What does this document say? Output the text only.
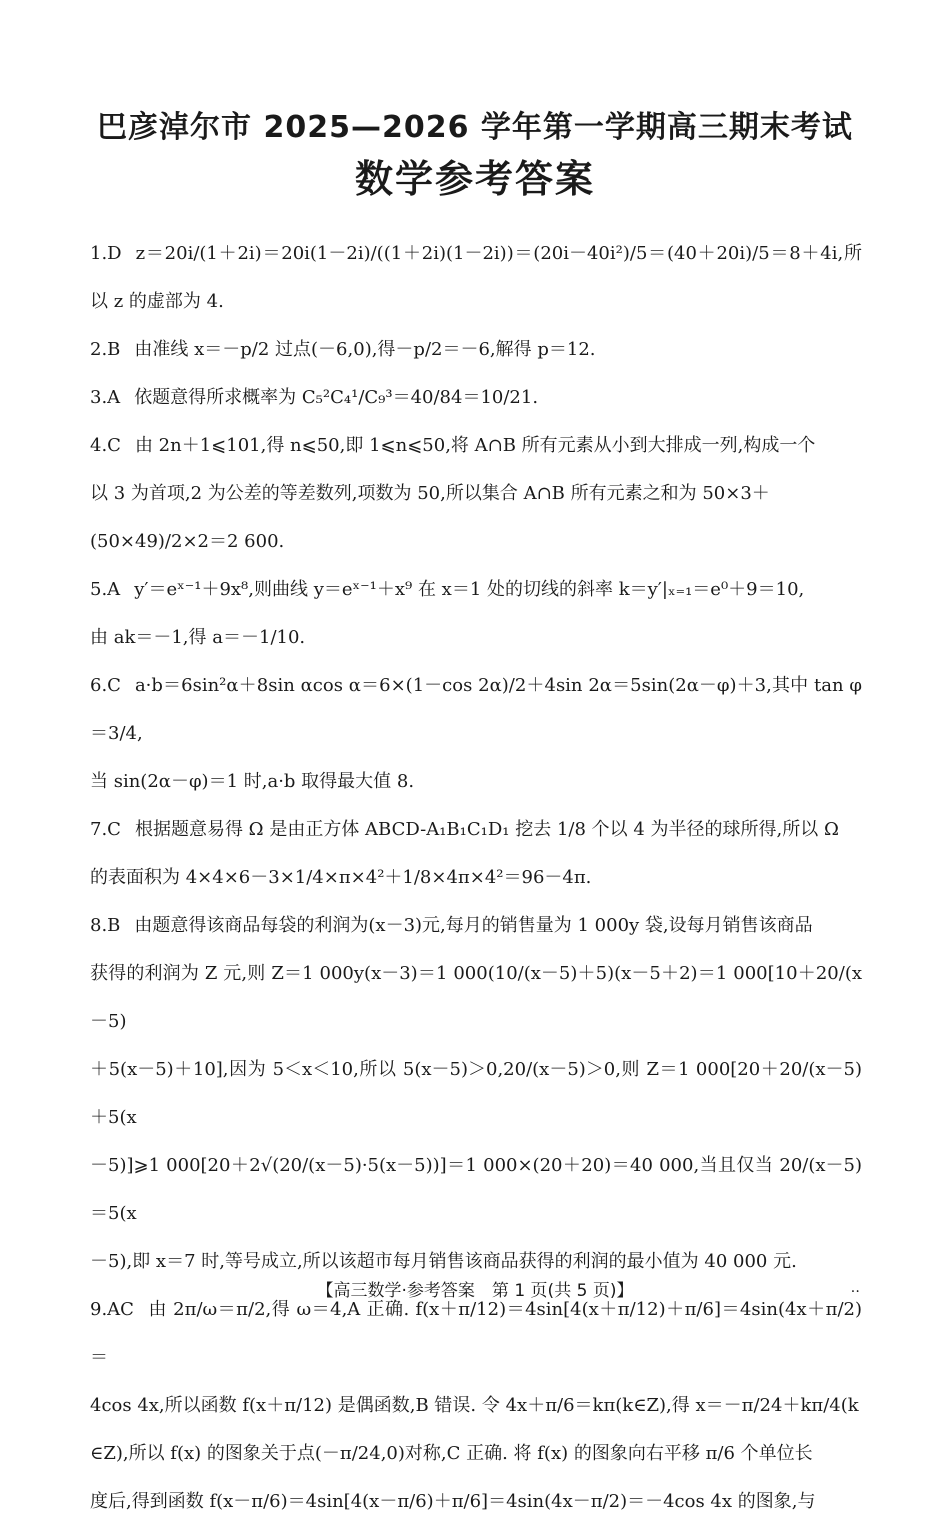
巴彦淖尔市 2025—2026 学年第一学期高三期末考试
数学参考答案
1.D z＝20i/(1＋2i)＝20i(1－2i)/((1＋2i)(1－2i))＝(20i－40i²)/5＝(40＋20i)/5＝8＋4i,所以 z 的虚部为 4.
2.B 由准线 x＝－p/2 过点(－6,0),得－p/2＝－6,解得 p＝12.
3.A 依题意得所求概率为 C₅²C₄¹/C₉³＝40/84＝10/21.
4.C 由 2n＋1⩽101,得 n⩽50,即 1⩽n⩽50,将 A∩B 所有元素从小到大排成一列,构成一个
以 3 为首项,2 为公差的等差数列,项数为 50,所以集合 A∩B 所有元素之和为 50×3＋
(50×49)/2×2＝2 600.
5.A y′＝eˣ⁻¹＋9x⁸,则曲线 y＝eˣ⁻¹＋x⁹ 在 x＝1 处的切线的斜率 k＝y′|ₓ₌₁＝e⁰＋9＝10,
由 ak＝－1,得 a＝－1/10.
6.C a·b＝6sin²α＋8sin αcos α＝6×(1－cos 2α)/2＋4sin 2α＝5sin(2α－φ)＋3,其中 tan φ＝3/4,
当 sin(2α－φ)＝1 时,a·b 取得最大值 8.
7.C 根据题意易得 Ω 是由正方体 ABCD-A₁B₁C₁D₁ 挖去 1/8 个以 4 为半径的球所得,所以 Ω
的表面积为 4×4×6－3×1/4×π×4²＋1/8×4π×4²＝96－4π.
8.B 由题意得该商品每袋的利润为(x－3)元,每月的销售量为 1 000y 袋,设每月销售该商品
获得的利润为 Z 元,则 Z＝1 000y(x－3)＝1 000(10/(x－5)＋5)(x－5＋2)＝1 000[10＋20/(x－5)
＋5(x－5)＋10],因为 5＜x＜10,所以 5(x－5)＞0,20/(x－5)＞0,则 Z＝1 000[20＋20/(x－5)＋5(x
－5)]⩾1 000[20＋2√(20/(x－5)·5(x－5))]＝1 000×(20＋20)＝40 000,当且仅当 20/(x－5)＝5(x
－5),即 x＝7 时,等号成立,所以该超市每月销售该商品获得的利润的最小值为 40 000 元.
9.AC 由 2π/ω＝π/2,得 ω＝4,A 正确. f(x＋π/12)＝4sin[4(x＋π/12)＋π/6]＝4sin(4x＋π/2)＝
4cos 4x,所以函数 f(x＋π/12) 是偶函数,B 错误. 令 4x＋π/6＝kπ(k∈Z),得 x＝－π/24＋kπ/4(k
∈Z),所以 f(x) 的图象关于点(－π/24,0)对称,C 正确. 将 f(x) 的图象向右平移 π/6 个单位长
度后,得到函数 f(x－π/6)＝4sin[4(x－π/6)＋π/6]＝4sin(4x－π/2)＝－4cos 4x 的图象,与
【高三数学·参考答案　第 1 页(共 5 页)】	‥
